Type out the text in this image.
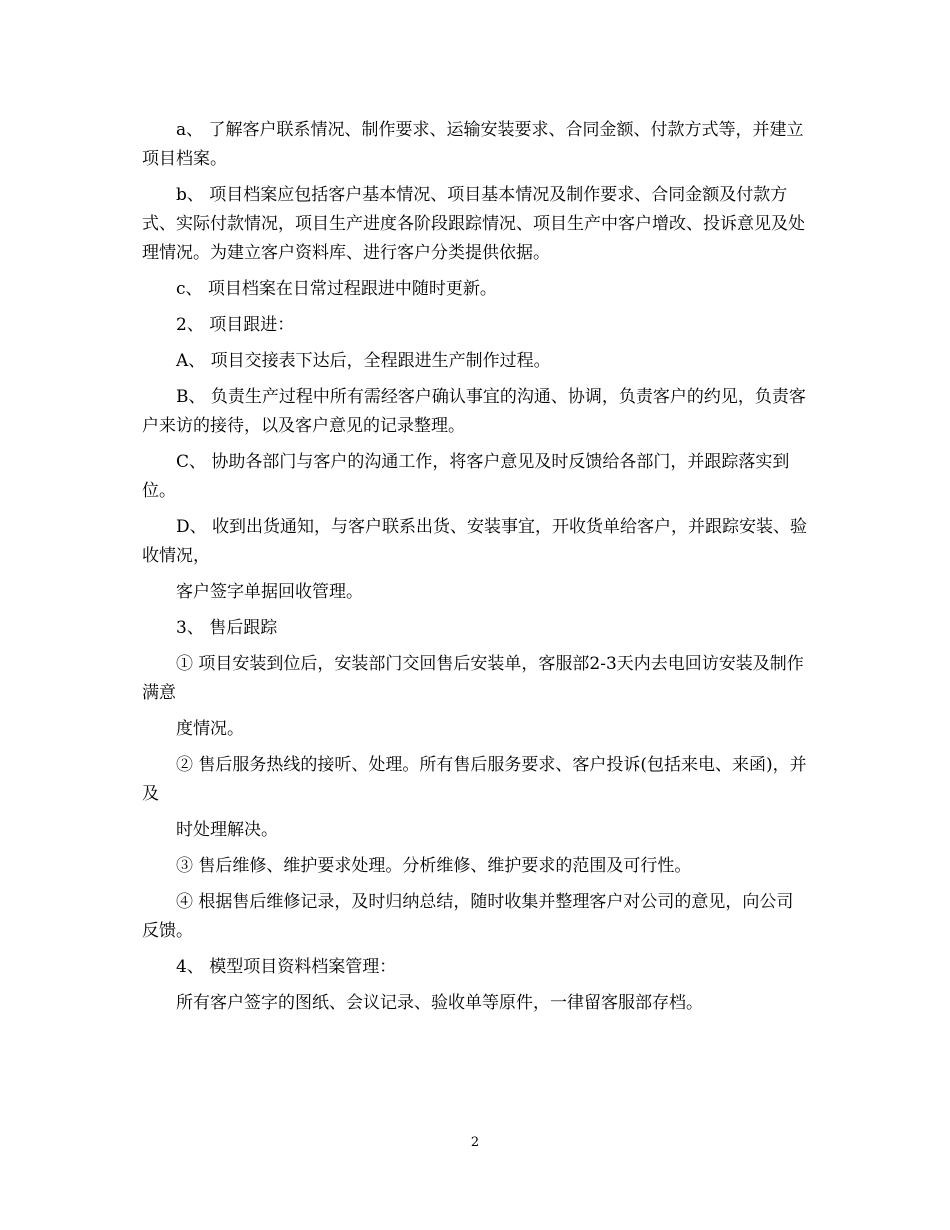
a、 了解客户联系情况、制作要求、运输安装要求、合同金额、付款方式等，并建立项目档案。

b、 项目档案应包括客户基本情况、项目基本情况及制作要求、合同金额及付款方式、实际付款情况，项目生产进度各阶段跟踪情况、项目生产中客户增改、投诉意见及处理情况。为建立客户资料库、进行客户分类提供依据。

c、 项目档案在日常过程跟进中随时更新。

2、 项目跟进：

A、 项目交接表下达后，全程跟进生产制作过程。

B、 负责生产过程中所有需经客户确认事宜的沟通、协调，负责客户的约见，负责客户来访的接待，以及客户意见的记录整理。

C、 协助各部门与客户的沟通工作，将客户意见及时反馈给各部门，并跟踪落实到位。

D、 收到出货通知，与客户联系出货、安装事宜，开收货单给客户，并跟踪安装、验收情况，

客户签字单据回收管理。

3、 售后跟踪

① 项目安装到位后，安装部门交回售后安装单，客服部2-3天内去电回访安装及制作满意

度情况。

② 售后服务热线的接听、处理。所有售后服务要求、客户投诉(包括来电、来函)，并及

时处理解决。

③ 售后维修、维护要求处理。分析维修、维护要求的范围及可行性。

④ 根据售后维修记录，及时归纳总结，随时收集并整理客户对公司的意见，向公司反馈。

4、 模型项目资料档案管理：

所有客户签字的图纸、会议记录、验收单等原件，一律留客服部存档。

2
